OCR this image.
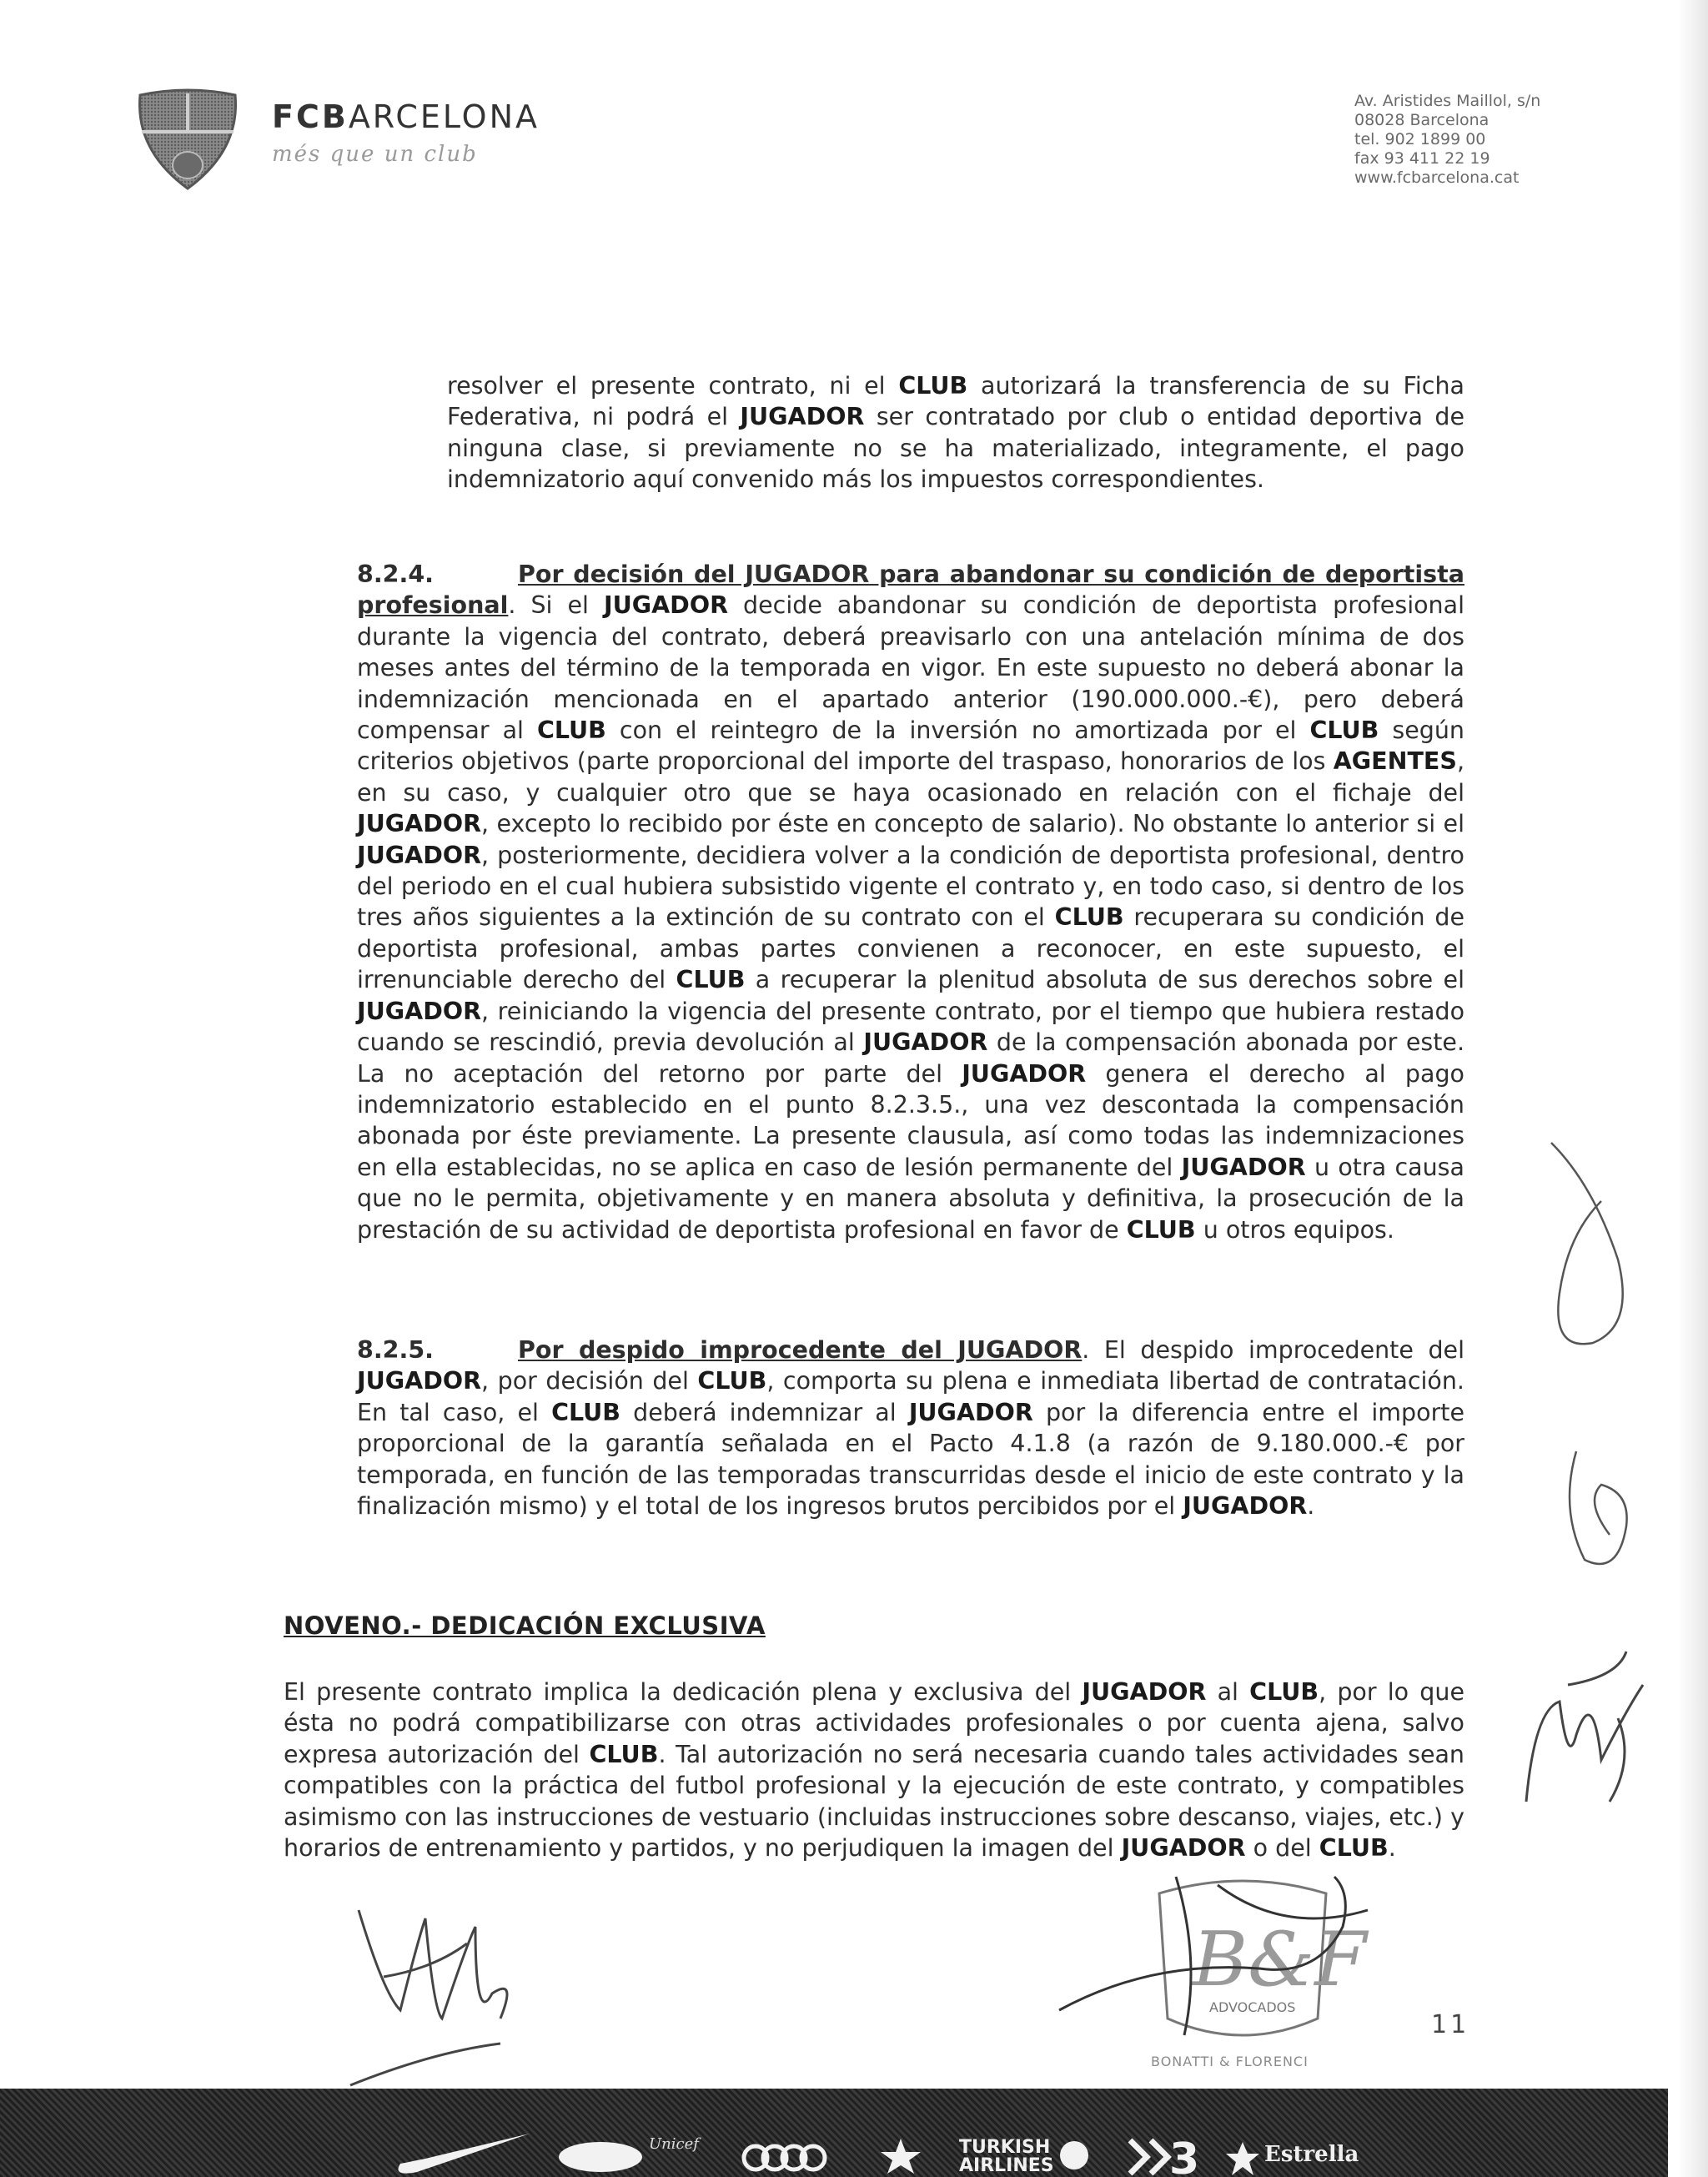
FCBARCELONA
més que un club
Av. Aristides Maillol, s/n
08028 Barcelona
tel. 902 1899 00
fax 93 411 22 19
www.fcbarcelona.cat
resolver el presente contrato, ni el CLUB autorizará la transferencia de su Ficha Federativa, ni podrá el JUGADOR ser contratado por club o entidad deportiva de ninguna clase, si previamente no se ha materializado, integramente, el pago indemnizatorio aquí convenido más los impuestos correspondientes.
8.2.4.	Por decisión del JUGADOR para abandonar su condición de deportista profesional. Si el JUGADOR decide abandonar su condición de deportista profesional durante la vigencia del contrato, deberá preavisarlo con una antelación mínima de dos meses antes del término de la temporada en vigor. En este supuesto no deberá abonar la indemnización mencionada en el apartado anterior (190.000.000.-€), pero deberá compensar al CLUB con el reintegro de la inversión no amortizada por el CLUB según criterios objetivos (parte proporcional del importe del traspaso, honorarios de los AGENTES, en su caso, y cualquier otro que se haya ocasionado en relación con el fichaje del JUGADOR, excepto lo recibido por éste en concepto de salario). No obstante lo anterior si el JUGADOR, posteriormente, decidiera volver a la condición de deportista profesional, dentro del periodo en el cual hubiera subsistido vigente el contrato y, en todo caso, si dentro de los tres años siguientes a la extinción de su contrato con el CLUB recuperara su condición de deportista profesional, ambas partes convienen a reconocer, en este supuesto, el irrenunciable derecho del CLUB a recuperar la plenitud absoluta de sus derechos sobre el JUGADOR, reiniciando la vigencia del presente contrato, por el tiempo que hubiera restado cuando se rescindió, previa devolución al JUGADOR de la compensación abonada por este. La no aceptación del retorno por parte del JUGADOR genera el derecho al pago indemnizatorio establecido en el punto 8.2.3.5., una vez descontada la compensación abonada por éste previamente. La presente clausula, así como todas las indemnizaciones en ella establecidas, no se aplica en caso de lesión permanente del JUGADOR u otra causa que no le permita, objetivamente y en manera absoluta y definitiva, la prosecución de la prestación de su actividad de deportista profesional en favor de CLUB u otros equipos.
8.2.5.	Por despido improcedente del JUGADOR. El despido improcedente del JUGADOR, por decisión del CLUB, comporta su plena e inmediata libertad de contratación. En tal caso, el CLUB deberá indemnizar al JUGADOR por la diferencia entre el importe proporcional de la garantía señalada en el Pacto 4.1.8 (a razón de 9.180.000.-€ por temporada, en función de las temporadas transcurridas desde el inicio de este contrato y la finalización mismo) y el total de los ingresos brutos percibidos por el JUGADOR.
NOVENO.- DEDICACIÓN EXCLUSIVA
El presente contrato implica la dedicación plena y exclusiva del JUGADOR al CLUB, por lo que ésta no podrá compatibilizarse con otras actividades profesionales o por cuenta ajena, salvo expresa autorización del CLUB. Tal autorización no será necesaria cuando tales actividades sean compatibles con la práctica del futbol profesional y la ejecución de este contrato, y compatibles asimismo con las instrucciones de vestuario (incluidas instrucciones sobre descanso, viajes, etc.) y horarios de entrenamiento y partidos, y no perjudiquen la imagen del JUGADOR o del CLUB.
B&F
ADVOCADOS
11
BONATTI & FLORENCI
Unicef	TURKISH AIRLINES	3	Estrella
